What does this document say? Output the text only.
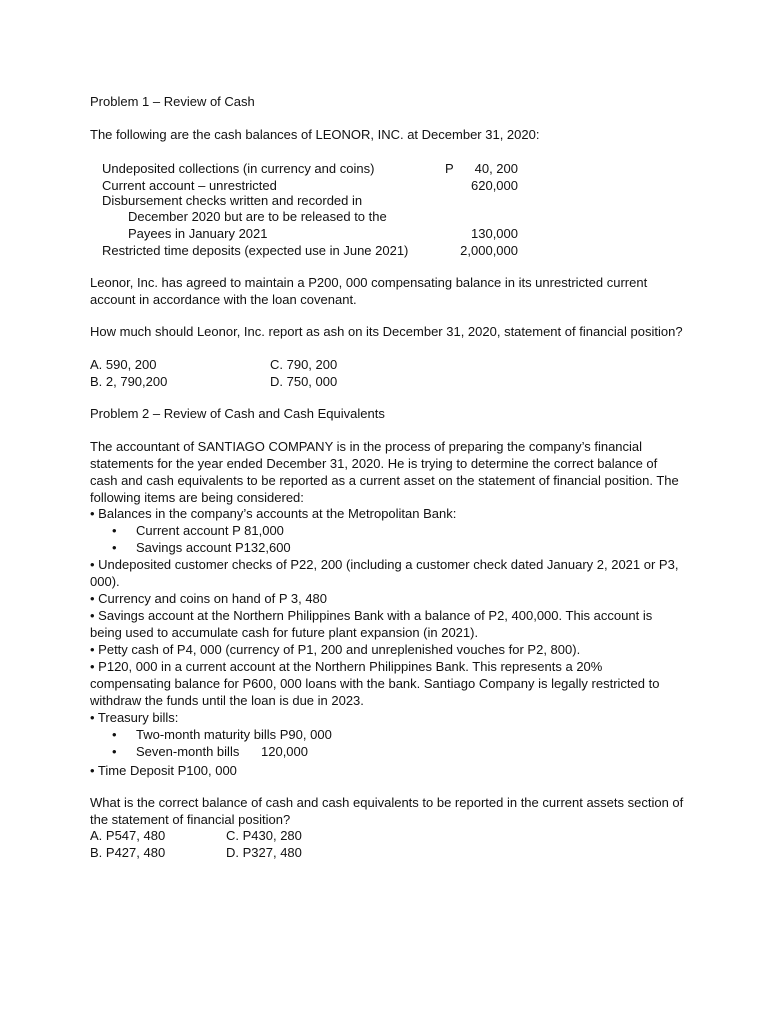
Problem 1 – Review of Cash
The following are the cash balances of LEONOR, INC. at December 31, 2020:
Undeposited collections (in currency and coins)	P 40, 200
Current account – unrestricted	620,000
Disbursement checks written and recorded in
December 2020 but are to be released to the
Payees in January 2021	130,000
Restricted time deposits (expected use in June 2021)	2,000,000
Leonor, Inc. has agreed to maintain a P200, 000 compensating balance in its unrestricted current account in accordance with the loan covenant.
How much should Leonor, Inc. report as ash on its December 31, 2020, statement of financial position?
A. 590, 200	C. 790, 200
B. 2, 790,200	D. 750, 000
Problem 2 – Review of Cash and Cash Equivalents
The accountant of SANTIAGO COMPANY is in the process of preparing the company’s financial statements for the year ended December 31, 2020. He is trying to determine the correct balance of cash and cash equivalents to be reported as a current asset on the statement of financial position. The following items are being considered:
• Balances in the company’s accounts at the Metropolitan Bank:
• Current account P 81,000
• Savings account P132,600
• Undeposited customer checks of P22, 200 (including a customer check dated January 2, 2021 or P3, 000).
• Currency and coins on hand of P 3, 480
• Savings account at the Northern Philippines Bank with a balance of P2, 400,000. This account is being used to accumulate cash for future plant expansion (in 2021).
• Petty cash of P4, 000 (currency of P1, 200 and unreplenished vouches for P2, 800).
• P120, 000 in a current account at the Northern Philippines Bank. This represents a 20% compensating balance for P600, 000 loans with the bank. Santiago Company is legally restricted to withdraw the funds until the loan is due in 2023.
• Treasury bills:
• Two-month maturity bills P90, 000
• Seven-month bills      120,000
• Time Deposit P100, 000
What is the correct balance of cash and cash equivalents to be reported in the current assets section of the statement of financial position?
A. P547, 480	C. P430, 280
B. P427, 480	D. P327, 480
